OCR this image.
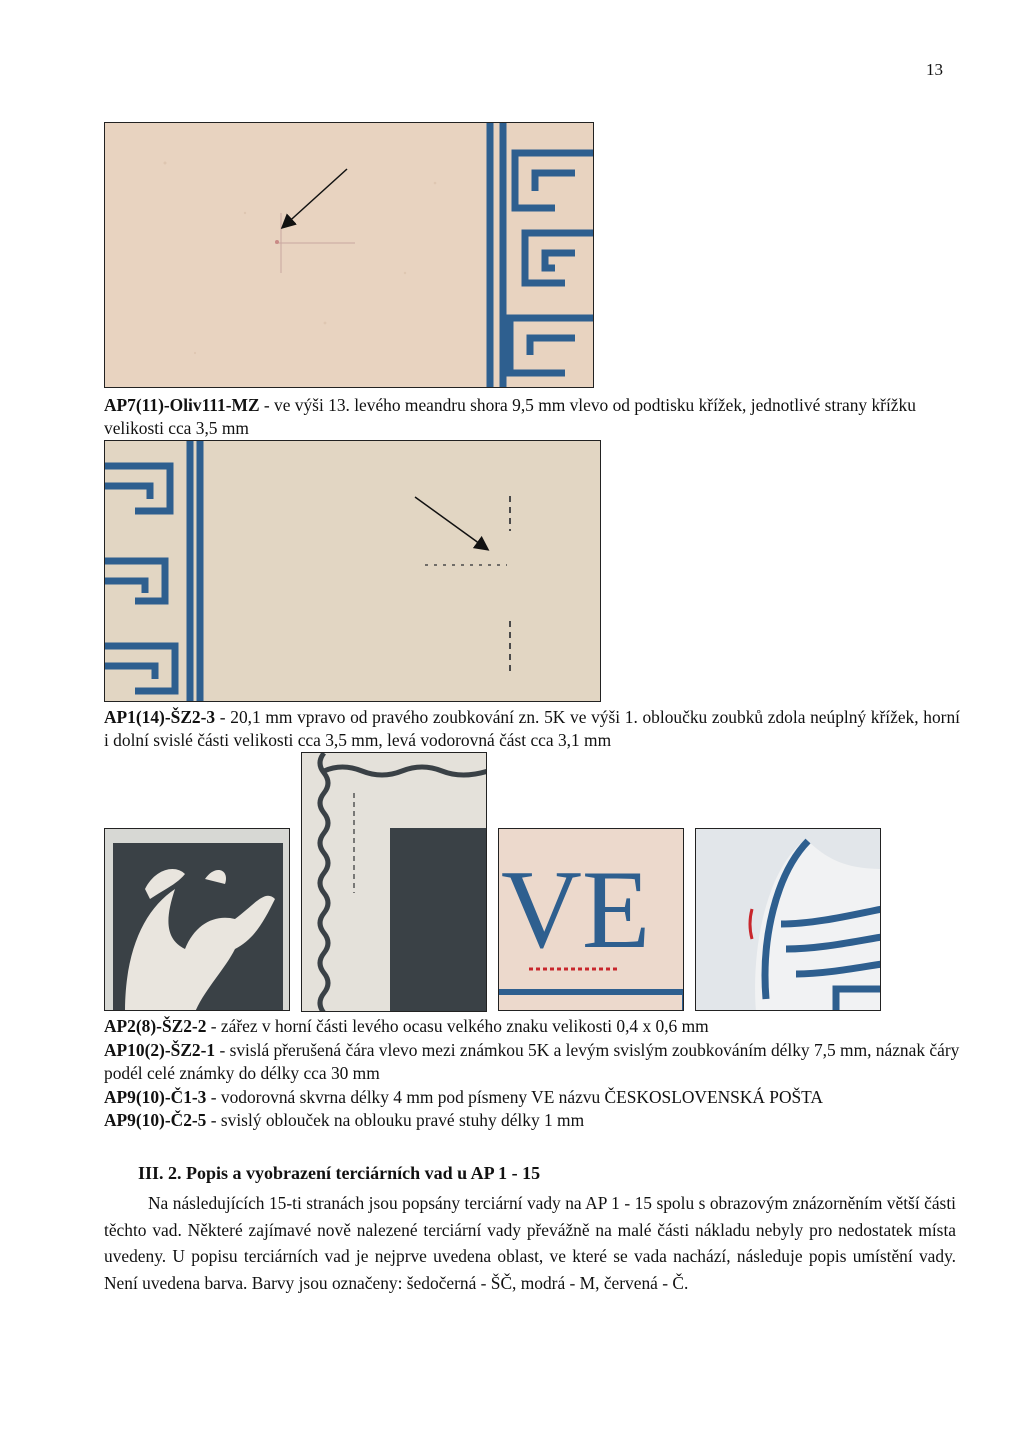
13
AP7(11)-Oliv111-MZ - ve výši 13. levého meandru shora 9,5 mm vlevo od podtisku křížek, jednotlivé strany křížku velikosti cca 3,5 mm
AP1(14)-ŠZ2-3 - 20,1 mm vpravo od pravého zoubkování zn. 5K ve výši 1. obloučku zoubků zdola neúplný křížek, horní i dolní svislé části velikosti cca 3,5 mm, levá vodorovná část cca 3,1 mm
VE
AP2(8)-ŠZ2-2 - zářez v horní části levého ocasu velkého znaku velikosti 0,4 x 0,6 mm
AP10(2)-ŠZ2-1 - svislá přerušená čára vlevo mezi známkou 5K a levým svislým zoubkováním délky 7,5 mm, náznak čáry podél celé známky do délky cca 30 mm
AP9(10)-Č1-3 - vodorovná skvrna délky 4 mm pod písmeny VE názvu ČESKOSLOVENSKÁ POŠTA
AP9(10)-Č2-5 - svislý oblouček na oblouku pravé stuhy délky 1 mm
III. 2. Popis a vyobrazení terciárních vad u AP 1 - 15
Na následujících 15-ti stranách jsou popsány terciární vady na AP 1 - 15 spolu s obrazovým znázorněním větší části těchto vad. Některé zajímavé nově nalezené terciární vady převážně na malé části nákladu nebyly pro nedostatek místa uvedeny. U popisu terciárních vad je nejprve uvedena oblast, ve které se vada nachází, následuje popis umístění vady. Není uvedena barva. Barvy jsou označeny: šedočerná - ŠČ, modrá - M, červená - Č.
